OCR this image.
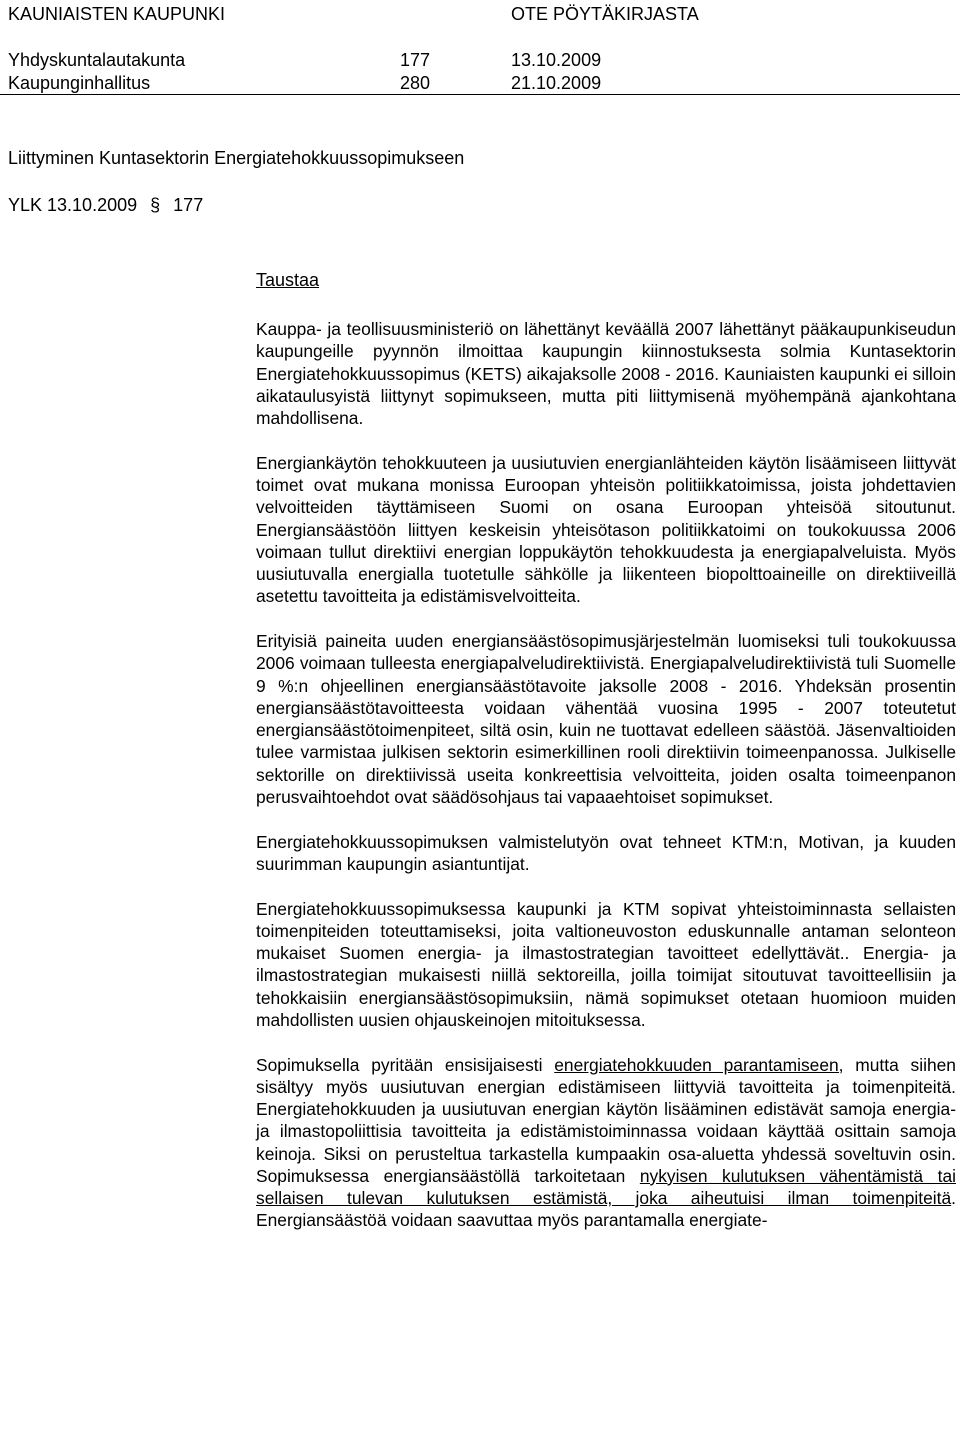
KAUNIAISTEN KAUPUNKI	OTE PÖYTÄKIRJASTA
Yhdyskuntalautakunta	177	13.10.2009
Kaupunginhallitus	280	21.10.2009
Liittyminen Kuntasektorin Energiatehokkuussopimukseen
YLK 13.10.2009 § 177
Taustaa

Kauppa- ja teollisuusministeriö on lähettänyt keväällä 2007 lähettänyt pääkaupunkiseudun kaupungeille pyynnön ilmoittaa kaupungin kiinnostuksesta solmia Kuntasektorin Energiatehokkuussopimus (KETS) aikajaksolle 2008 - 2016. Kauniaisten kaupunki ei silloin aikataulusyistä liittynyt sopimukseen, mutta piti liittymisenä myöhempänä ajankohtana mahdollisena.

Energiankäytön tehokkuuteen ja uusiutuvien energianlähteiden käytön lisäämiseen liittyvät toimet ovat mukana monissa Euroopan yhteisön politiikkatoimissa, joista johdettavien velvoitteiden täyttämiseen Suomi on osana Euroopan yhteisöä sitoutunut. Energiansäästöön liittyen keskeisin yhteisötason politiikkatoimi on toukokuussa 2006 voimaan tullut direktiivi energian loppukäytön tehokkuudesta ja energiapalveluista. Myös uusiutuvalla energialla tuotetulle sähkölle ja liikenteen biopolttoaineille on direktiiveillä asetettu tavoitteita ja edistämisvelvoitteita.

Erityisiä paineita uuden energiansäästösopimusjärjestelmän luomiseksi tuli toukokuussa 2006 voimaan tulleesta energiapalveludirektiivistä. Energiapalveludirektiivistä tuli Suomelle 9 %:n ohjeellinen energiansäästötavoite jaksolle 2008 - 2016. Yhdeksän prosentin energiansäästötavoitteesta voidaan vähentää vuosina 1995 - 2007 toteutetut energiansäästötoimenpiteet, siltä osin, kuin ne tuottavat edelleen säästöä. Jäsenvaltioiden tulee varmistaa julkisen sektorin esimerkillinen rooli direktiivin toimeenpanossa. Julkiselle sektorille on direktiivissä useita konkreettisia velvoitteita, joiden osalta toimeenpanon perusvaihtoehdot ovat säädösohjaus tai vapaaehtoiset sopimukset.

Energiatehokkuussopimuksen valmistelutyön ovat tehneet KTM:n, Motivan, ja kuuden suurimman kaupungin asiantuntijat.

Energiatehokkuussopimuksessa kaupunki ja KTM sopivat yhteistoiminnasta sellaisten toimenpiteiden toteuttamiseksi, joita valtioneuvoston eduskunnalle antaman selonteon mukaiset Suomen energia- ja ilmastostrategian tavoitteet edellyttävät.. Energia- ja ilmastostrategian mukaisesti niillä sektoreilla, joilla toimijat sitoutuvat tavoitteellisiin ja tehokkaisiin energiansäästösopimuksiin, nämä sopimukset otetaan huomioon muiden mahdollisten uusien ohjauskeinojen mitoituksessa.

Sopimuksella pyritään ensisijaisesti energiatehokkuuden parantamiseen, mutta siihen sisältyy myös uusiutuvan energian edistämiseen liittyviä tavoitteita ja toimenpiteitä. Energiatehokkuuden ja uusiutuvan energian käytön lisääminen edistävät samoja energia- ja ilmastopoliittisia tavoitteita ja edistämistoiminnassa voidaan käyttää osittain samoja keinoja. Siksi on perusteltua tarkastella kumpaakin osa-aluetta yhdessä soveltuvin osin. Sopimuksessa energiansäästöllä tarkoitetaan nykyisen kulutuksen vähentämistä tai sellaisen tulevan kulutuksen estämistä, joka aiheutuisi ilman toimenpiteitä. Energiansäästöä voidaan saavuttaa myös parantamalla energiate-
